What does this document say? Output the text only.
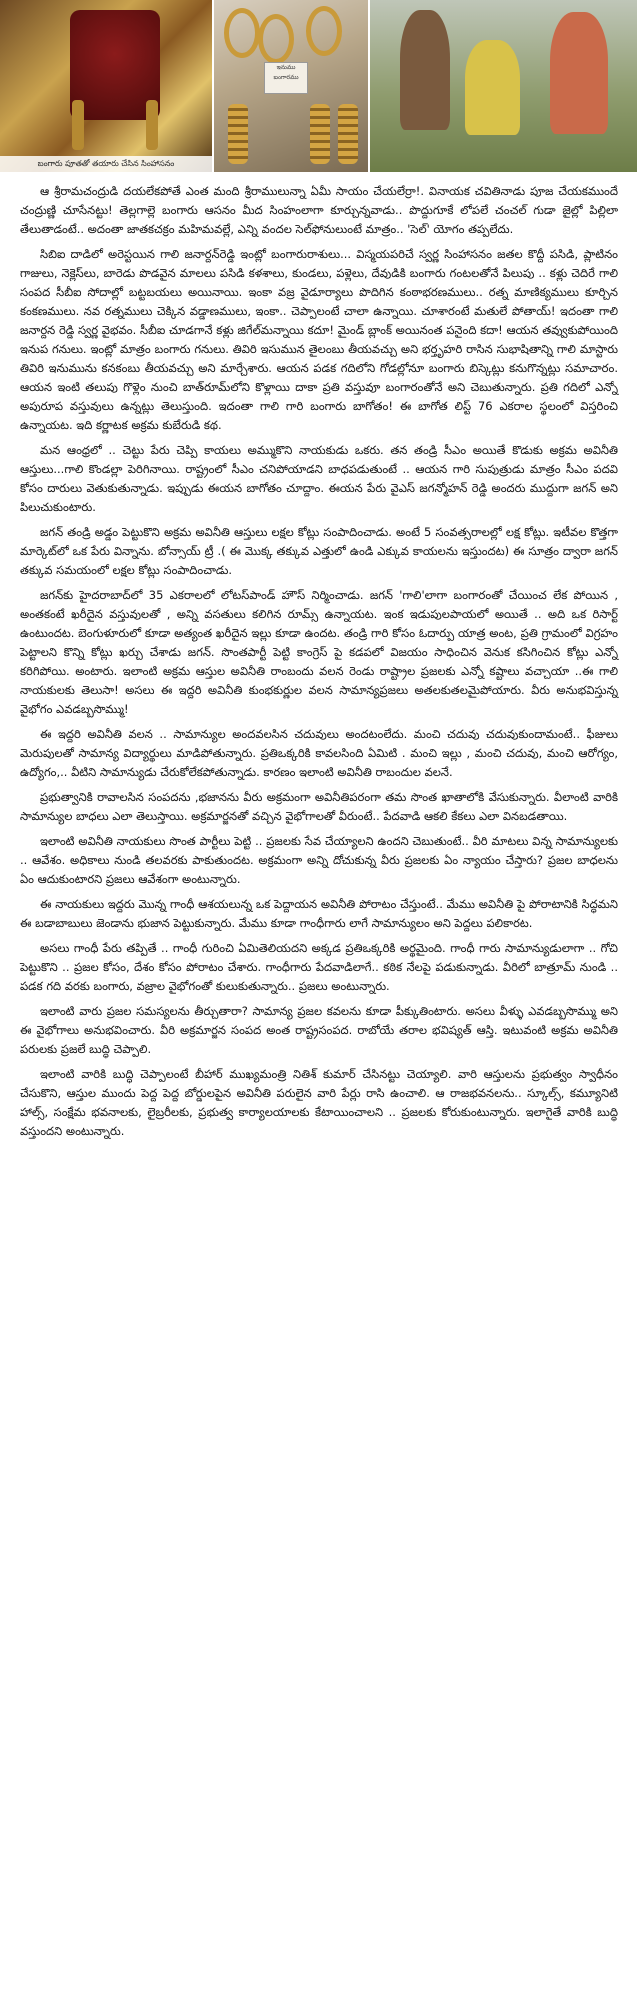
బంగారు పూతతో తయారు చేసిన సింహాసనం
ఇనుము బంగారము

ఆ శ్రీరామచంద్రుడి దయలేకపోతే ఎంత మంది శ్రీరాములున్నా ఏమీ సాయం చేయలేర్రా!. వినాయక చవితినాడు పూజ చేయకముందే చంద్రుణ్ణి చూసేనట్టు! తెల్లగాల్లె బంగారు ఆసనం మీద సింహంలాగా కూర్చున్నవాడు.. పొద్దుగూకే లోపలే చంచల్ గుడా జైల్లో పిల్లిలా తేలుతాడంటే.. అదంతా జాతకచక్రం మహిమవల్లే, ఎన్ని వందల సెల్‌ఫోనులుంటే మాత్రం.. 'సెల్' యోగం తప్పలేదు.

సిబిఐ దాడిలో అరెస్టయిన గాలి జనార్దన్‌రెడ్డి ఇంట్లో బంగారురాశులు... విస్మయపరిచే స్వర్ణ సింహాసనం జతల కొద్దీ పసిడి, ప్లాటినం గాజులు, నెక్లెస్‌లు, బారెడు పొడవైన మాలలు పసిడి కళశాలు, కుండలు, పళ్లెలు, దేవుడికి బంగారు గంటలతోనే పిలుపు .. కళ్లు చెదిరే గాలి సంపద సీబీఐ సోదాల్లో బట్టబయలు అయినాయి. ఇంకా వజ్ర వైడూర్యాలు పొదిగిన కంఠాభరణములు.. రత్న మాణిక్యములు కూర్చిన కంకణములు. నవ రత్నములు చెక్కిన వడ్డాణములు, ఇంకా.. చెప్పాలంటే చాలా ఉన్నాయి. చూశారంటే మతులే పోతాయ్! ఇదంతా గాలి జనార్దన రెడ్డి స్వర్ణ వైభవం. సీబీఐ చూడగానే కళ్లు జిగేల్‌మన్నాయి కదూ! మైండ్ బ్లాంక్ అయినంత పనైంది కదా! ఆయన తవ్వుకుపోయింది ఇనుప గనులు. ఇంట్లో మాత్రం బంగారు గనులు. తివిరి ఇసుమున తైలంబు తీయవచ్చు అని భర్తృహరి రాసిన సుభాషితాన్ని గాలి మాస్టారు తివిరి ఇనుమును కనకంబు తీయవచ్చు అని మార్చేశారు. ఆయన పడక గదిలోని గోడల్లోనూ బంగారు బిస్కెట్లు కనుగొన్నట్లు సమాచారం. ఆయన ఇంటి తలుపు గొళ్లెం నుంచి బాత్‌రూమ్‌లోని కొళ్లాయి దాకా ప్రతి వస్తువూ బంగారంతోనే అని చెబుతున్నారు. ప్రతి గదిలో ఎన్నో అపురూప వస్తువులు ఉన్నట్లు తెలుస్తుంది. ఇదంతా గాలి గారి బంగారు బాగోతం! ఈ బాగోత లిస్ట్ 76 ఎకరాల స్థలంలో విస్తరించి ఉన్నాయట. ఇది కర్ణాటక అక్రమ కుబేరుడి కథ.

మన ఆంధ్రలో .. చెట్టు పేరు చెప్పి కాయలు అమ్ముకొని నాయకుడు ఒకరు. తన తండ్రి సీఎం అయితే కొడుకు అక్రమ అవినీతి ఆస్తులు...గాలి కొండల్లా పెరిగినాయి. రాష్ట్రంలో సీఎం చనిపోయాడని బాధపడుతుంటే .. ఆయన గారి సుపుత్రుడు మాత్రం సీఎం పదవి కోసం దారులు వెతుకుతున్నాడు. ఇప్పుడు ఈయన బాగోతం చూద్దాం. ఈయన పేరు వైఎస్ జగన్మోహన్ రెడ్డి అందరు ముద్దుగా జగన్ అని పిలుచుకుంటారు.

జగన్ తండ్రి అడ్డం పెట్టుకొని అక్రమ అవినీతి ఆస్తులు లక్షల కోట్లు సంపాదించాడు. అంటే 5 సంవత్సరాలల్లో లక్ష కోట్లు. ఇటీవల కొత్తగా మార్కెట్‌లో ఒక పేరు విన్నాను. బోన్సాయ్ ట్రీ .( ఈ మొక్క తక్కువ ఎత్తులో ఉండి ఎక్కువ కాయలను ఇస్తుందట) ఈ సూత్రం ద్వారా జగన్ తక్కువ సమయంలో లక్షల కోట్లు సంపాదించాడు.

జగన్‌కు హైదరాబాద్‌లో 35 ఎకరాలలో లోటస్‌పాండ్ హౌస్ నిర్మించాడు. జగన్ 'గాలి'లాగా బంగారంతో చేయించ లేక పోయిన , అంతకంటే ఖరీదైన వస్తువులతో , అన్ని వసతులు కలిగిన రూమ్స్ ఉన్నాయట. ఇంక ఇడుపులపాయలో అయితే .. అది ఒక రిసార్ట్ ఉంటుందట. బెంగుళూరులో కూడా అత్యంత ఖరీదైన ఇల్లు కూడా ఉందట. తండ్రి గారి కోసం ఓదార్పు యాత్ర అంట, ప్రతి గ్రామంలో విగ్రహం పెట్టాలని కొన్ని కోట్లు ఖర్చు చేశాడు జగన్. సొంతపార్టీ పెట్టి కాంగ్రెస్ పై కడపలో విజయం సాధించిన వెనుక కసిగించిన కోట్లు ఎన్నో కరిగిపోయి. అంటారు. ఇలాంటి అక్రమ ఆస్తుల అవినీతి రాంబందు వలన రెండు రాష్ట్రాల ప్రజలకు ఎన్నో కష్టాలు వచ్చాయా ..ఈ గాలి నాయకులకు తెలుసా! అసలు ఈ ఇద్దరి అవినీతి కుంభకుర్ణుల వలన సామాన్యప్రజలు అతలకుతలమైపోయారు. వీరు అనుభవిస్తున్న వైభోగం ఎవడబ్బసొమ్ము!

ఈ ఇద్దరి అవినీతి వలన .. సామాన్యుల అందవలసిన చదువులు అందటంలేదు. మంచి చదువు చదువుకుందామంటే.. ఫీజులు మెరుపులతో సామాన్య విద్యార్థులు మాడిపోతున్నారు. ప్రతిఒక్కరికి కావలసింది ఏమిటి . మంచి ఇల్లు , మంచి చదువు, మంచి ఆరోగ్యం, ఉద్యోగం,.. వీటిని సామాన్యుడు చేరుకోలేకపోతున్నాడు. కారణం ఇలాంటి అవినీతి రాబందుల వలనే.

ప్రభుత్వానికి రావాలసిన సంపదను ,భజానను వీరు అక్రమంగా అవినీతిపరంగా తమ సొంత ఖాతాలోకి వేసుకున్నారు. వీలాంటి వారికి సామాన్యుల బాధలు ఎలా తెలుస్తాయి. అక్రమార్జనతో వచ్చిన వైభోగాలతో వీరుంటే.. పేదవాడి ఆకలి కేకలు ఎలా వినబడతాయి.

ఇలాంటి అవినీతి నాయకులు సొంత పార్టీలు పెట్టి .. ప్రజలకు సేవ చేయ్యాలని ఉందని చెబుతుంటే.. వీరి మాటలు విన్న సామాన్యులకు .. ఆవేశం. అధికాలు నుండి తలవరకు పాకుతుందట. అక్రమంగా అన్ని దోచుకున్న వీరు ప్రజలకు ఏం న్యాయం చేస్తారు? ప్రజల బాధలను ఏం ఆదుకుంటారని ప్రజలు ఆవేశంగా అంటున్నారు.

ఈ నాయకులు ఇద్దరు మొన్న గాంధీ ఆశయలున్న ఒక పెద్దాయన అవినీతి పోరాటం చేస్తుంటే.. మేము అవినీతి పై పోరాటానికి సిద్ధమని ఈ బడాబాబులు జెండాను భుజాన పెట్టుకున్నారు. మేము కూడా గాంధీగారు లాగే సామాన్యులం అని పెద్దలు పలికారట.

అసలు గాంధీ పేరు తప్పితే .. గాంధీ గురించి ఏమితెలియదని అక్కడ ప్రతిఒక్కరికి అర్థమైంది. గాంధీ గారు సామాన్యుడులాగా .. గోచి పెట్టుకొని .. ప్రజల కోసం, దేశం కోసం పోరాటం చేశారు. గాంధీగారు పేదవాడిలాగే.. కఠిక నేలపై పడుకున్నాడు. వీరిలో బాత్రూమ్ నుండి .. పడక గది వరకు బంగారు, వజ్రాల వైభోగంతో కులుకుతున్నారు.. ప్రజలు అంటున్నారు.

ఇలాంటి వారు ప్రజల సమస్యలను తీర్చుతారా? సామాన్య ప్రజల కవలను కూడా పీక్కుతింటారు. అసలు వీళ్ళు ఎవడబ్బసొమ్ము అని ఈ వైభోగాలు అనుభవించారు. వీరి అక్రమార్జన సంపద అంత రాష్ట్రసంపద. రాబోయే తరాల భవిష్యత్ ఆస్తి. ఇటువంటి అక్రమ అవినీతి పరులకు ప్రజలే బుద్ధి చెప్పాలి.

ఇలాంటి వారికి బుద్ధి చెప్పాలంటే బీహార్ ముఖ్యమంత్రి నితిశ్ కుమార్ చేసినట్టు చెయ్యాలి. వారి ఆస్తులను ప్రభుత్వం స్వాధీనం చేసుకొని, ఆస్తుల ముందు పెద్ద పెద్ద బోర్డులపైన అవినీతి పరులైన వారి పేర్లు రాసి ఉంచాలి. ఆ రాజభవనలను.. స్కూల్స్, కమ్యూనిటి హాల్స్, సంక్షేమ భవనాలకు, లైబ్రరీలకు, ప్రభుత్వ కార్యాలయాలకు కేటాయించాలని .. ప్రజలకు కోరుకుంటున్నారు. ఇలాగైతే వారికి బుద్ధి వస్తుందని అంటున్నారు.
